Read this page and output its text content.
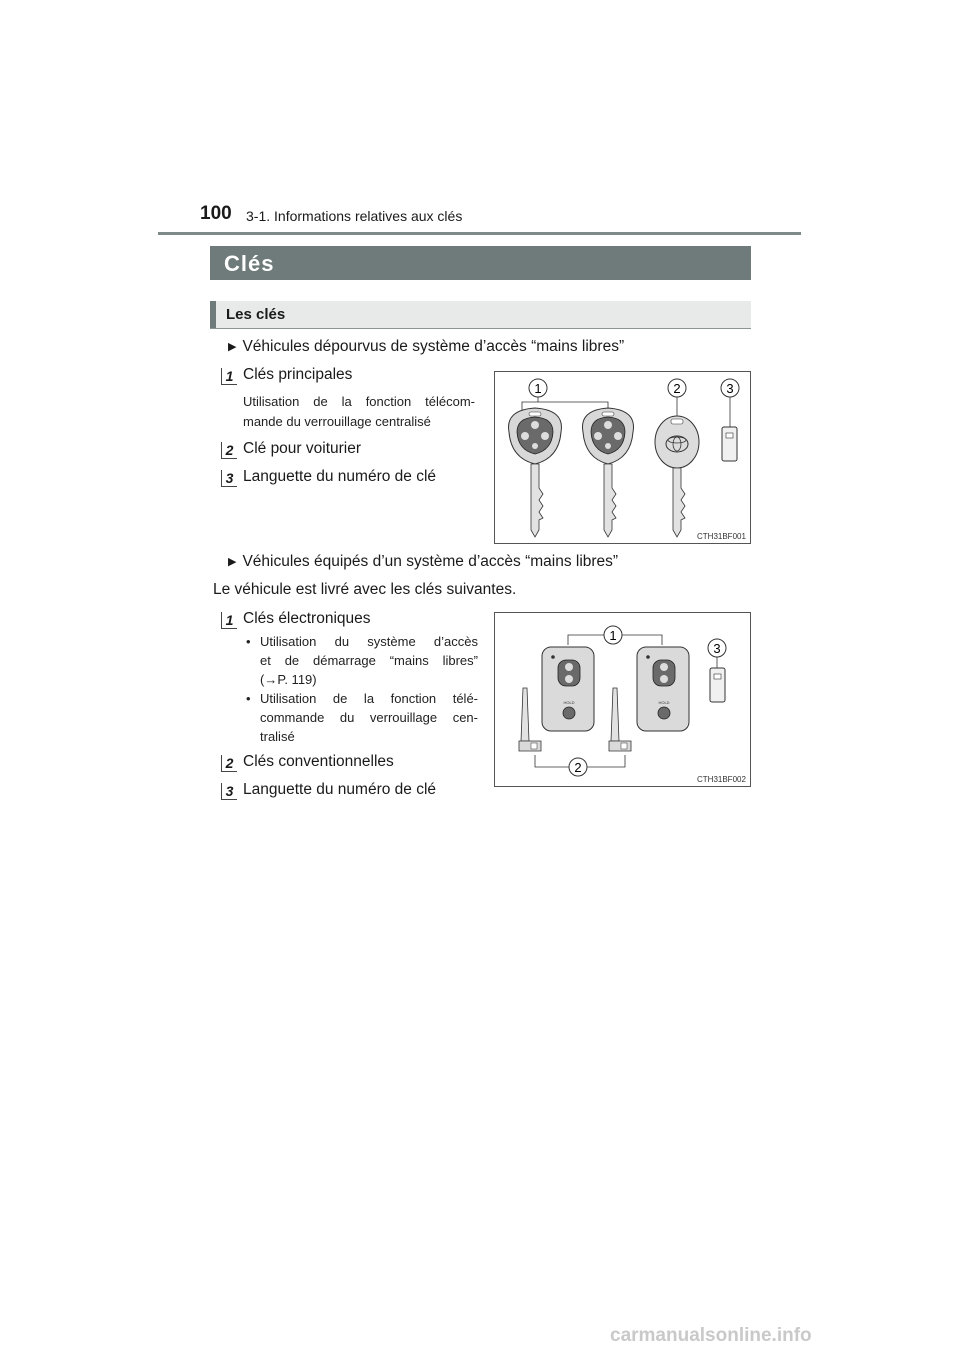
100 3-1. Informations relatives aux clés
Clés
Les clés
▶ Véhicules dépourvus de système d’accès “mains libres”
1 Clés principales
Utilisation de la fonction télécom-
mande du verrouillage centralisé
2 Clé pour voiturier
3 Languette du numéro de clé
1	2	3
CTH31BF001
▶ Véhicules équipés d’un système d’accès “mains libres”
Le véhicule est livré avec les clés suivantes.
1 Clés électroniques
• Utilisation du système d’accès
et de démarrage “mains libres”
(→P. 119)
• Utilisation de la fonction télé-
commande du verrouillage cen-
tralisé
2 Clés conventionnelles
3 Languette du numéro de clé
1
3
2
HOLD	HOLD
CTH31BF002
carmanualsonline.info
